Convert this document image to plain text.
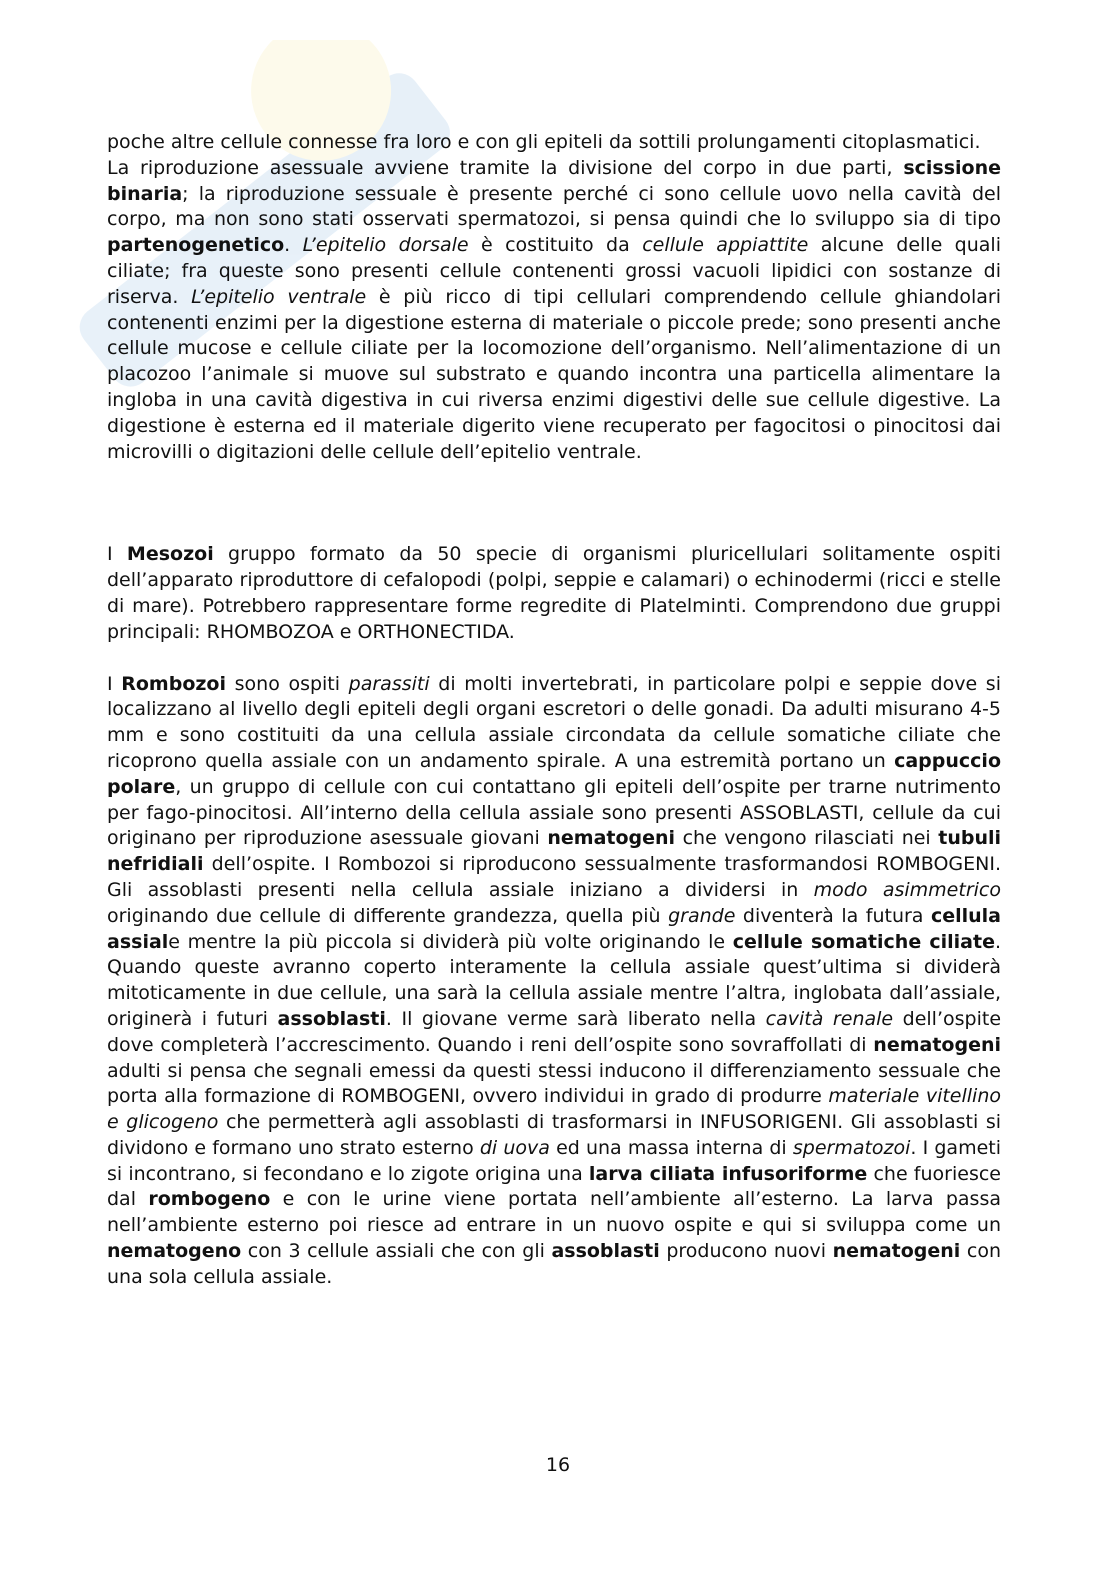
poche altre cellule connesse fra loro e con gli epiteli da sottili prolungamenti citoplasmatici.
La riproduzione asessuale avviene tramite la divisione del corpo in due parti, scissione binaria; la riproduzione sessuale è presente perché ci sono cellule uovo nella cavità del corpo, ma non sono stati osservati spermatozoi, si pensa quindi che lo sviluppo sia di tipo partenogenetico. L’epitelio dorsale è costituito da cellule appiattite alcune delle quali ciliate; fra queste sono presenti cellule contenenti grossi vacuoli lipidici con sostanze di riserva. L’epitelio ventrale è più ricco di tipi cellulari comprendendo cellule ghiandolari contenenti enzimi per la digestione esterna di materiale o piccole prede; sono presenti anche cellule mucose e cellule ciliate per la locomozione dell’organismo. Nell’alimentazione di un placozoo l’animale si muove sul substrato e quando incontra una particella alimentare la ingloba in una cavità digestiva in cui riversa enzimi digestivi delle sue cellule digestive. La digestione è esterna ed il materiale digerito viene recuperato per fagocitosi o pinocitosi dai microvilli o digitazioni delle cellule dell’epitelio ventrale.

I Mesozoi gruppo formato da 50 specie di organismi pluricellulari solitamente ospiti dell’apparato riproduttore di cefalopodi (polpi, seppie e calamari) o echinodermi (ricci e stelle di mare). Potrebbero rappresentare forme regredite di Platelminti. Comprendono due gruppi principali: RHOMBOZOA e ORTHONECTIDA.

I Rombozoi sono ospiti parassiti di molti invertebrati, in particolare polpi e seppie dove si localizzano al livello degli epiteli degli organi escretori o delle gonadi. Da adulti misurano 4-5 mm e sono costituiti da una cellula assiale circondata da cellule somatiche ciliate che ricoprono quella assiale con un andamento spirale. A una estremità portano un cappuccio polare, un gruppo di cellule con cui contattano gli epiteli dell’ospite per trarne nutrimento per fago-pinocitosi. All’interno della cellula assiale sono presenti ASSOBLASTI, cellule da cui originano per riproduzione asessuale giovani nematogeni che vengono rilasciati nei tubuli nefridiali dell’ospite. I Rombozoi si riproducono sessualmente trasformandosi ROMBOGENI. Gli assoblasti presenti nella cellula assiale iniziano a dividersi in modo asimmetrico originando due cellule di differente grandezza, quella più grande diventerà la futura cellula assiale mentre la più piccola si dividerà più volte originando le cellule somatiche ciliate. Quando queste avranno coperto interamente la cellula assiale quest’ultima si dividerà mitoticamente in due cellule, una sarà la cellula assiale mentre l’altra, inglobata dall’assiale, originerà i futuri assoblasti. Il giovane verme sarà liberato nella cavità renale dell’ospite dove completerà l’accrescimento. Quando i reni dell’ospite sono sovraffollati di nematogeni adulti si pensa che segnali emessi da questi stessi inducono il differenziamento sessuale che porta alla formazione di ROMBOGENI, ovvero individui in grado di produrre materiale vitellino e glicogeno che permetterà agli assoblasti di trasformarsi in INFUSORIGENI. Gli assoblasti si dividono e formano uno strato esterno di uova ed una massa interna di spermatozoi. I gameti si incontrano, si fecondano e lo zigote origina una larva ciliata infusoriforme che fuoriesce dal rombogeno e con le urine viene portata nell’ambiente all’esterno. La larva passa nell’ambiente esterno poi riesce ad entrare in un nuovo ospite e qui si sviluppa come un nematogeno con 3 cellule assiali che con gli assoblasti producono nuovi nematogeni con una sola cellula assiale.

16
